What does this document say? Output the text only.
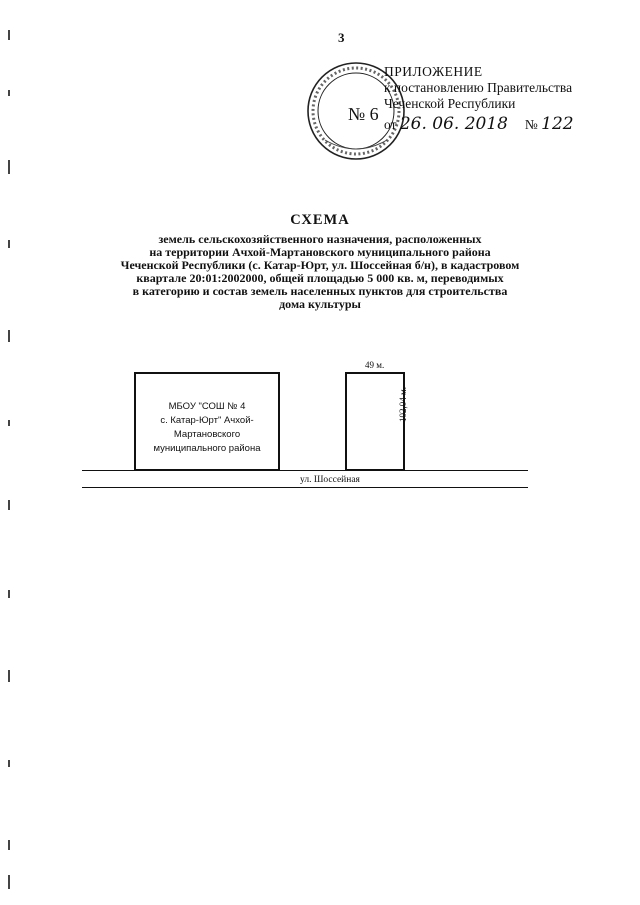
3
№ 6
ПРИЛОЖЕНИЕ
к постановлению Правительства
Чеченской Республики
от 26. 06. 2018 № 122
СХЕМА
земель сельскохозяйственного назначения, расположенных
на территории Ачхой-Мартановского муниципального района
Чеченской Республики (с. Катар-Юрт, ул. Шоссейная б/н), в кадастровом
квартале 20:01:2002000, общей площадью 5 000 кв. м, переводимых
в категорию и состав земель населенных пунктов для строительства
дома культуры
МБОУ "СОШ № 4
с. Катар-Юрт" Ачхой-
Мартановского
муниципального района
49 м.
102,04 м.
ул. Шоссейная
